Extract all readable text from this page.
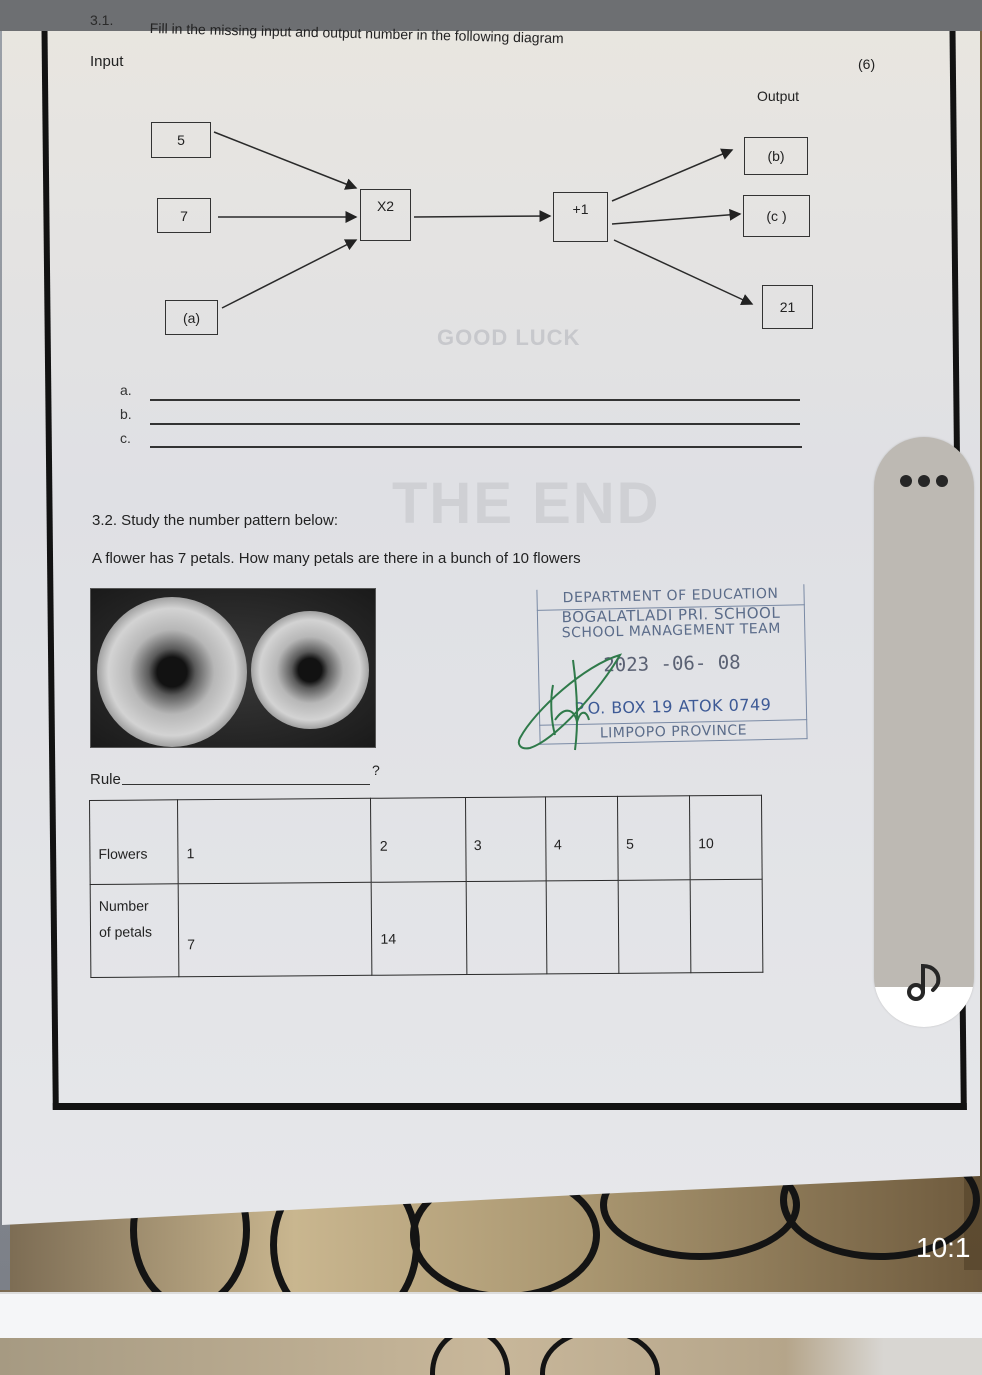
3.1.	Fill in the missing input and output number in the following diagram
Input	(6)
Output
5
7
(a)
X2	+1
(b)
(c )
21
GOOD LUCK
a.
b.
c.
THE END
3.2. Study the number pattern below:
A flower has 7 petals. How many petals are there in a bunch of 10 flowers
DEPARTMENT OF EDUCATION
BOGALATLADI PRI. SCHOOL
SCHOOL MANAGEMENT TEAM
2023 -06- 08
P.O. BOX 19 ATOK 0749
LIMPOPO PROVINCE
Rule
?
Flowers	1	2	3	4	5	10

Number
of petals	7	14				
10:1
